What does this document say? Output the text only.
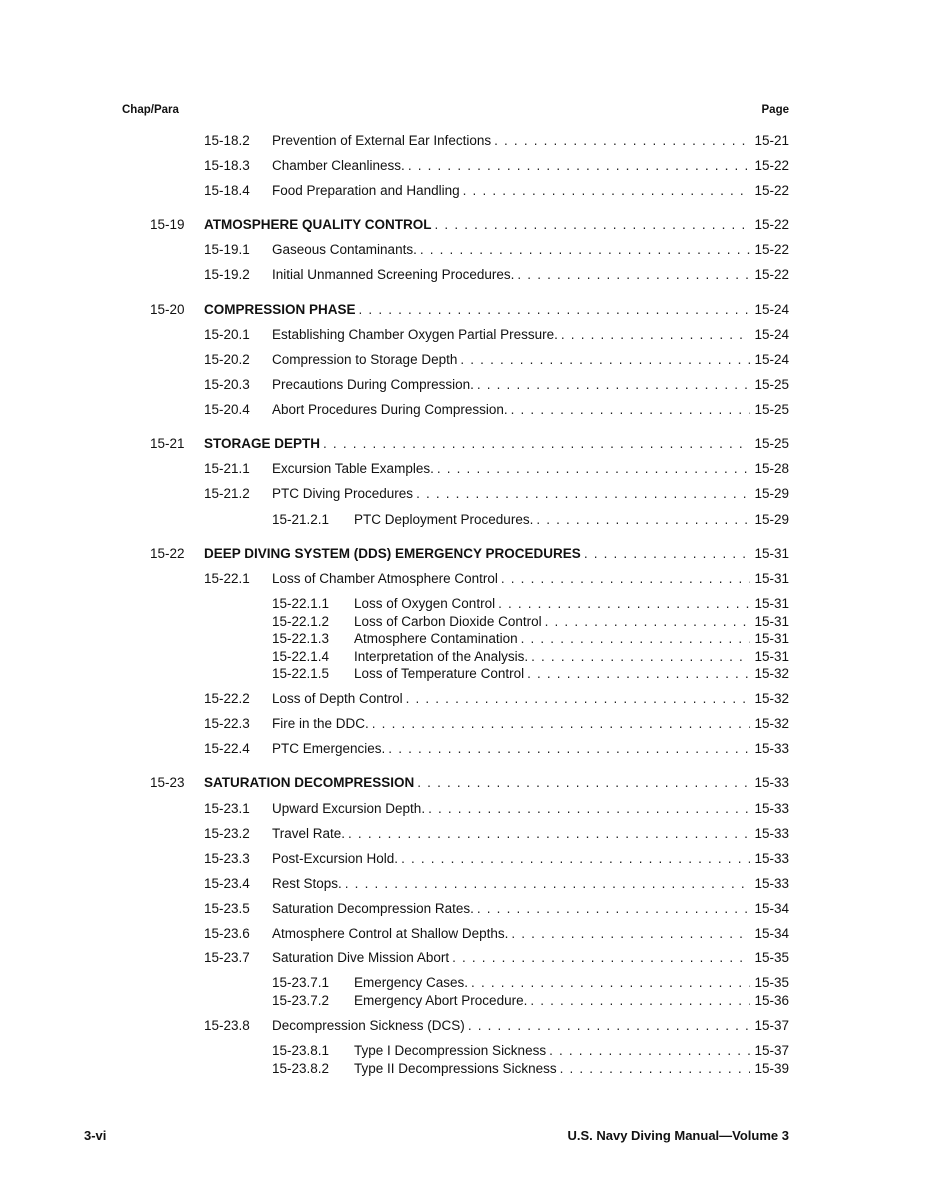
Chap/Para	Page
15-18.2 Prevention of External Ear Infections . . .	15-21
15-18.3 Chamber Cleanliness. . . .	15-22
15-18.4 Food Preparation and Handling . . .	15-22
15-19 ATMOSPHERE QUALITY CONTROL . . .	15-22
15-19.1 Gaseous Contaminants. . . .	15-22
15-19.2 Initial Unmanned Screening Procedures. . . .	15-22
15-20 COMPRESSION PHASE . . .	15-24
15-20.1 Establishing Chamber Oxygen Partial Pressure. . . .	15-24
15-20.2 Compression to Storage Depth . . .	15-24
15-20.3 Precautions During Compression. . . .	15-25
15-20.4 Abort Procedures During Compression. . . .	15-25
15-21 STORAGE DEPTH . . .	15-25
15-21.1 Excursion Table Examples. . . .	15-28
15-21.2 PTC Diving Procedures . . .	15-29
15-21.2.1 PTC Deployment Procedures. . . .	15-29
15-22 DEEP DIVING SYSTEM (DDS) EMERGENCY PROCEDURES . . .	15-31
15-22.1 Loss of Chamber Atmosphere Control . . .	15-31
15-22.1.1 Loss of Oxygen Control . . .	15-31
15-22.1.2 Loss of Carbon Dioxide Control . . .	15-31
15-22.1.3 Atmosphere Contamination . . .	15-31
15-22.1.4 Interpretation of the Analysis. . . .	15-31
15-22.1.5 Loss of Temperature Control . . .	15-32
15-22.2 Loss of Depth Control . . .	15-32
15-22.3 Fire in the DDC. . . .	15-32
15-22.4 PTC Emergencies. . . .	15-33
15-23 SATURATION DECOMPRESSION . . .	15-33
15-23.1 Upward Excursion Depth. . . .	15-33
15-23.2 Travel Rate. . . .	15-33
15-23.3 Post-Excursion Hold. . . .	15-33
15-23.4 Rest Stops. . . .	15-33
15-23.5 Saturation Decompression Rates. . . .	15-34
15-23.6 Atmosphere Control at Shallow Depths. . . .	15-34
15-23.7 Saturation Dive Mission Abort . . .	15-35
15-23.7.1 Emergency Cases. . . .	15-35
15-23.7.2 Emergency Abort Procedure. . . .	15-36
15-23.8 Decompression Sickness (DCS) . . .	15-37
15-23.8.1 Type I Decompression Sickness . . .	15-37
15-23.8.2 Type II Decompressions Sickness . . .	15-39
3-vi	U.S. Navy Diving Manual—Volume 3
